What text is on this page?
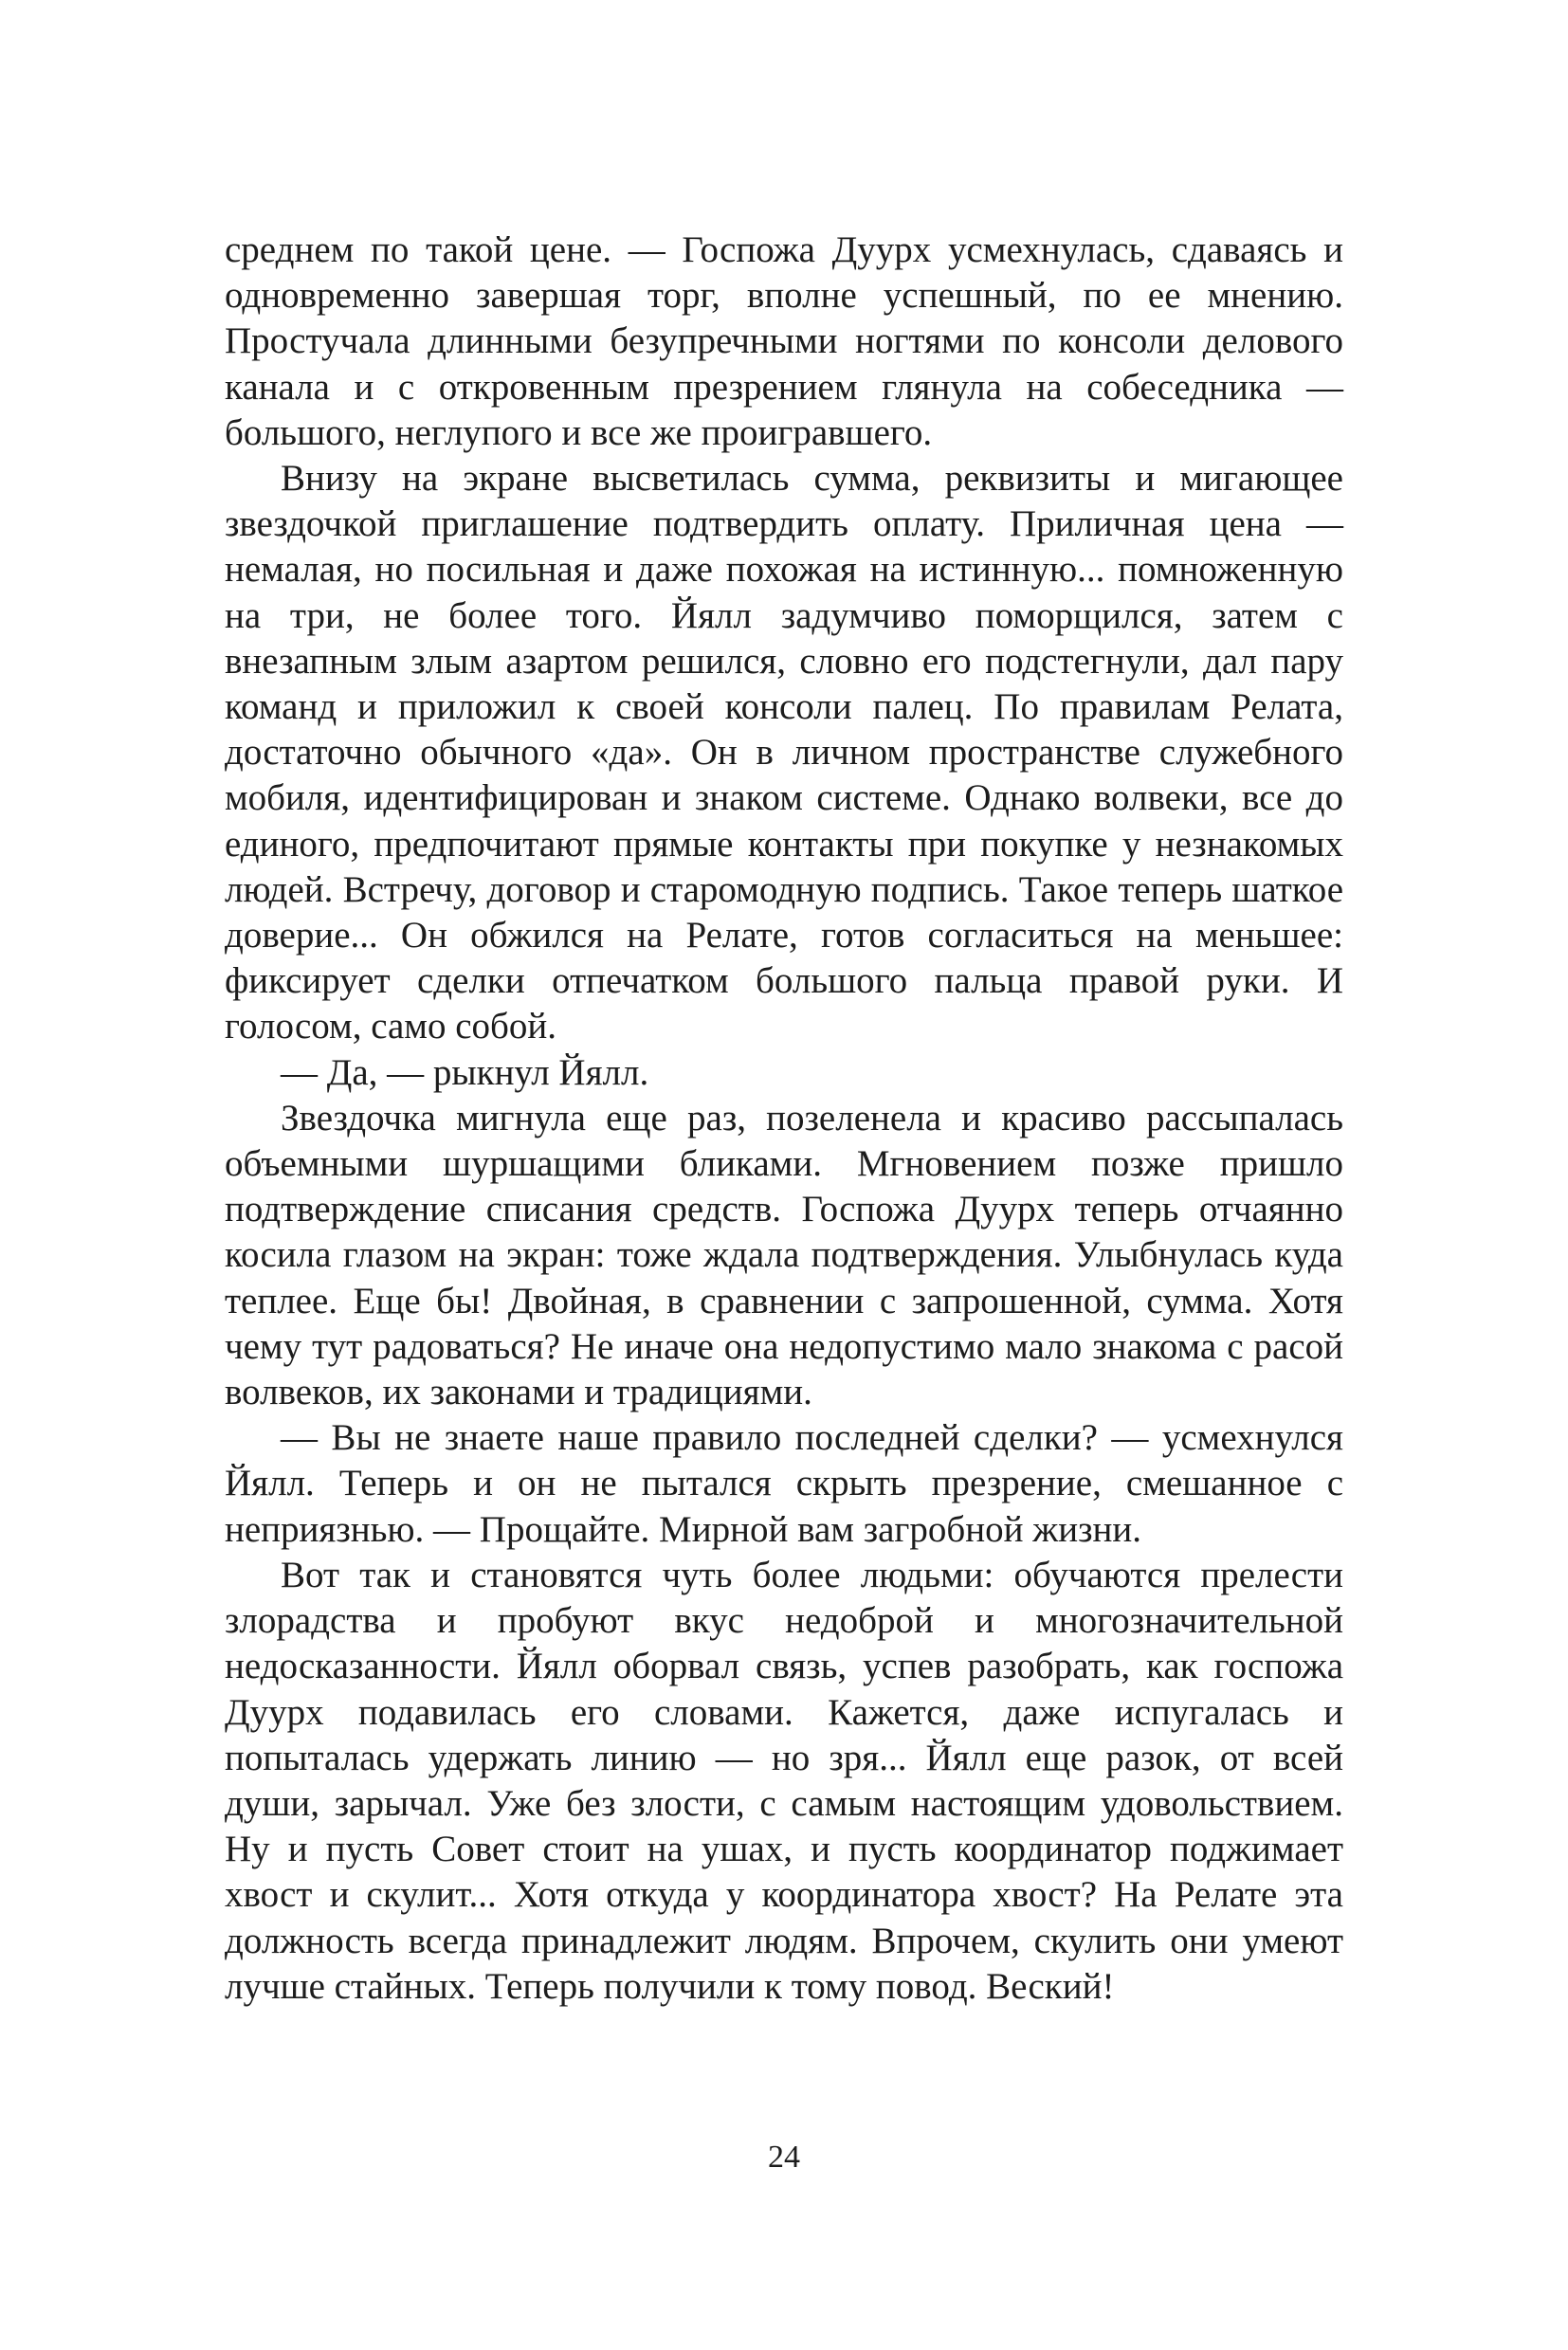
среднем по такой цене. — Госпожа Дуурх усмехнулась, сдаваясь и одновременно завершая торг, вполне успешный, по ее мнению. Простучала длинными безупречными ногтями по консоли делового канала и с откровенным презрением глянула на собеседника — большого, неглупого и все же проигравшего.

Внизу на экране высветилась сумма, реквизиты и мигающее звездочкой приглашение подтвердить оплату. Приличная цена — немалая, но посильная и даже похожая на истинную... помноженную на три, не более того. Йялл задумчиво поморщился, затем с внезапным злым азартом решился, словно его подстегнули, дал пару команд и приложил к своей консоли палец. По правилам Релата, достаточно обычного «да». Он в личном пространстве служебного мобиля, идентифицирован и знаком системе. Однако волвеки, все до единого, предпочитают прямые контакты при покупке у незнакомых людей. Встречу, договор и старомодную подпись. Такое теперь шаткое доверие... Он обжился на Релате, готов согласиться на меньшее: фиксирует сделки отпечатком большого пальца правой руки. И голосом, само собой.

— Да, — рыкнул Йялл.

Звездочка мигнула еще раз, позеленела и красиво рассыпалась объемными шуршащими бликами. Мгновением позже пришло подтверждение списания средств. Госпожа Дуурх теперь отчаянно косила глазом на экран: тоже ждала подтверждения. Улыбнулась куда теплее. Еще бы! Двойная, в сравнении с запрошенной, сумма. Хотя чему тут радоваться? Не иначе она недопустимо мало знакома с расой волвеков, их законами и традициями.

— Вы не знаете наше правило последней сделки? — усмехнулся Йялл. Теперь и он не пытался скрыть презрение, смешанное с неприязнью. — Прощайте. Мирной вам загробной жизни.

Вот так и становятся чуть более людьми: обучаются прелести злорадства и пробуют вкус недоброй и многозначительной недосказанности. Йялл оборвал связь, успев разобрать, как госпожа Дуурх подавилась его словами. Кажется, даже испугалась и попыталась удержать линию — но зря... Йялл еще разок, от всей души, зарычал. Уже без злости, с самым настоящим удовольствием. Ну и пусть Совет стоит на ушах, и пусть координатор поджимает хвост и скулит... Хотя откуда у координатора хвост? На Релате эта должность всегда принадлежит людям. Впрочем, скулить они умеют лучше стайных. Теперь получили к тому повод. Веский!

24
